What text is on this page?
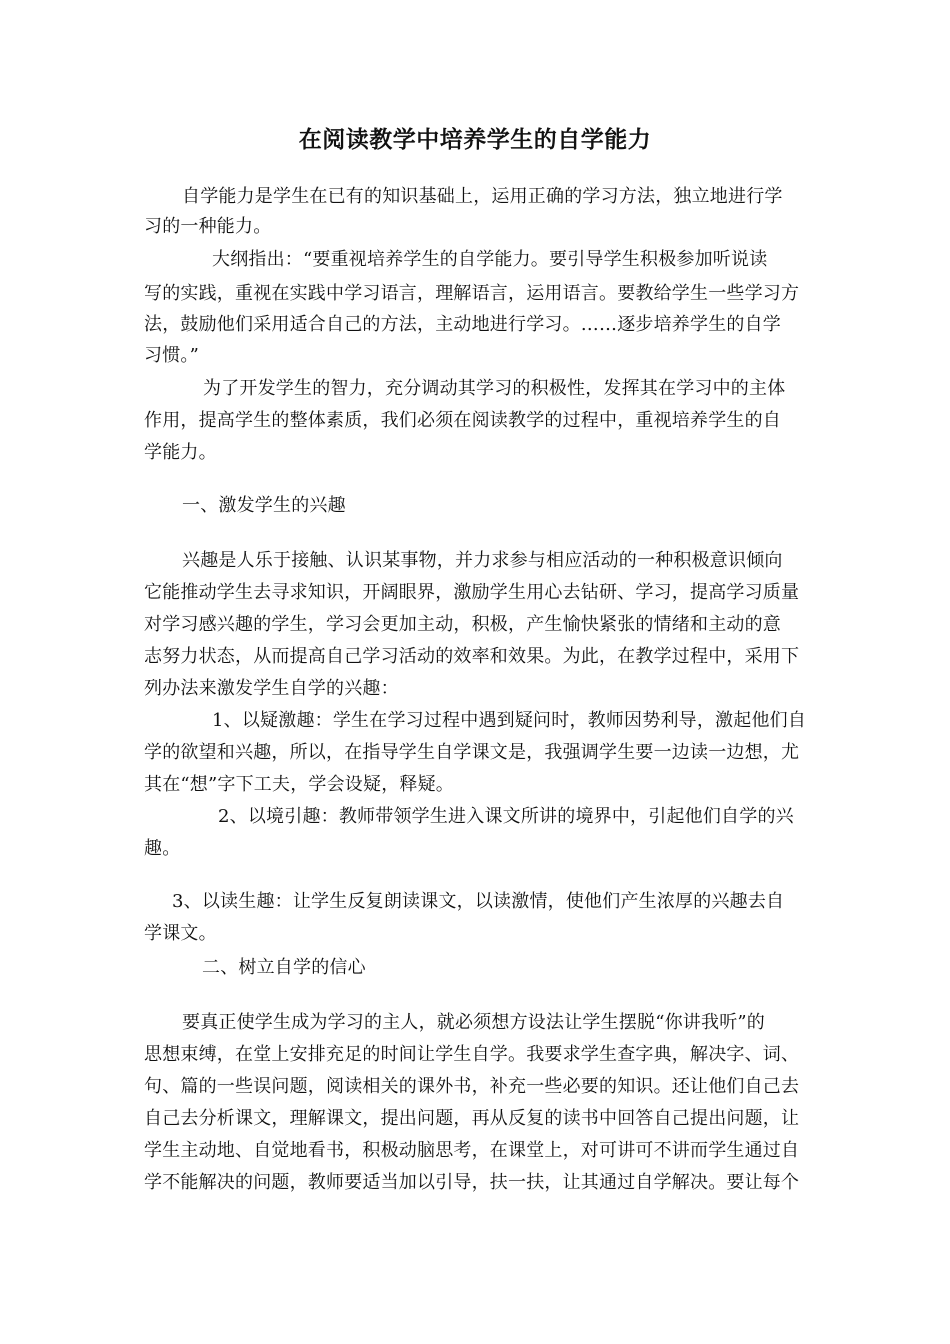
在阅读教学中培养学生的自学能力
自学能力是学生在已有的知识基础上，运用正确的学习方法，独立地进行学
习的一种能力。
大纲指出：“要重视培养学生的自学能力。要引导学生积极参加听说读
写的实践，重视在实践中学习语言，理解语言，运用语言。要教给学生一些学习方
法，鼓励他们采用适合自己的方法，主动地进行学习。……逐步培养学生的自学
习惯。”
为了开发学生的智力，充分调动其学习的积极性，发挥其在学习中的主体
作用，提高学生的整体素质，我们必须在阅读教学的过程中，重视培养学生的自
学能力。
一、激发学生的兴趣
兴趣是人乐于接触、认识某事物，并力求参与相应活动的一种积极意识倾向
它能推动学生去寻求知识，开阔眼界，激励学生用心去钻研、学习，提高学习质量
对学习感兴趣的学生，学习会更加主动，积极，产生愉快紧张的情绪和主动的意
志努力状态，从而提高自己学习活动的效率和效果。为此，在教学过程中，采用下
列办法来激发学生自学的兴趣：
1、以疑激趣：学生在学习过程中遇到疑问时，教师因势利导，激起他们自
学的欲望和兴趣，所以，在指导学生自学课文是，我强调学生要一边读一边想，尤
其在“想”字下工夫，学会设疑，释疑。
2、以境引趣：教师带领学生进入课文所讲的境界中，引起他们自学的兴
趣。
3、以读生趣：让学生反复朗读课文，以读激情，使他们产生浓厚的兴趣去自
学课文。
二、树立自学的信心
要真正使学生成为学习的主人，就必须想方设法让学生摆脱“你讲我听”的
思想束缚，在堂上安排充足的时间让学生自学。我要求学生查字典，解决字、词、
句、篇的一些误问题，阅读相关的课外书，补充一些必要的知识。还让他们自己去
自己去分析课文，理解课文，提出问题，再从反复的读书中回答自己提出问题，让
学生主动地、自觉地看书，积极动脑思考，在课堂上，对可讲可不讲而学生通过自
学不能解决的问题，教师要适当加以引导，扶一扶，让其通过自学解决。要让每个
